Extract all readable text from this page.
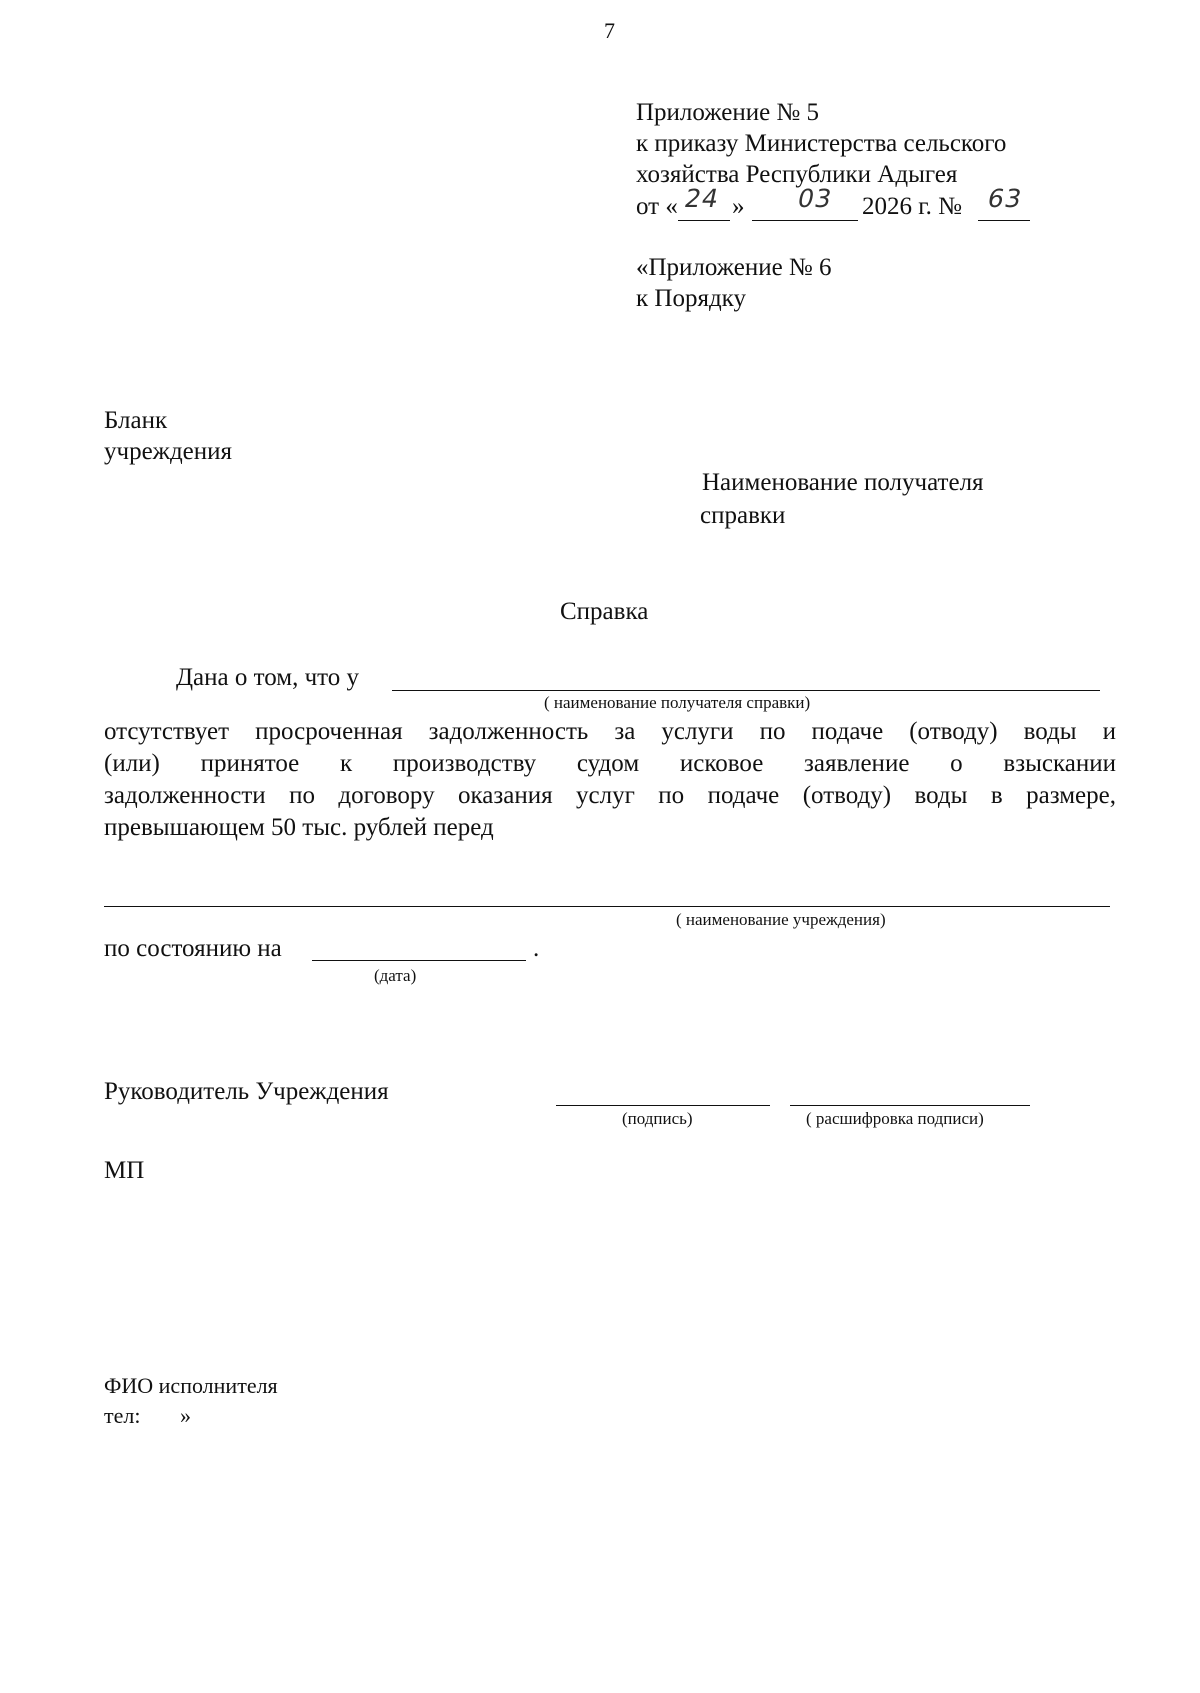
7
Приложение № 5
к приказу Министерства сельского
хозяйства Республики Адыгея
от « 24 » 03 2026 г. № 63
«Приложение № 6
к Порядку
Бланк
учреждения
Наименование получателя
справки
Справка
Дана о том, что у
( наименование получателя справки)
отсутствует просроченная задолженность за услуги по подаче (отводу) воды и
(или) принятое к производству судом исковое заявление о взыскании
задолженности по договору оказания услуг по подаче (отводу) воды в размере,
превышающем 50 тыс. рублей перед
( наименование учреждения)
по состоянию на	.
(дата)
Руководитель Учреждения
(подпись)	( расшифровка подписи)
МП
ФИО исполнителя
тел: »
